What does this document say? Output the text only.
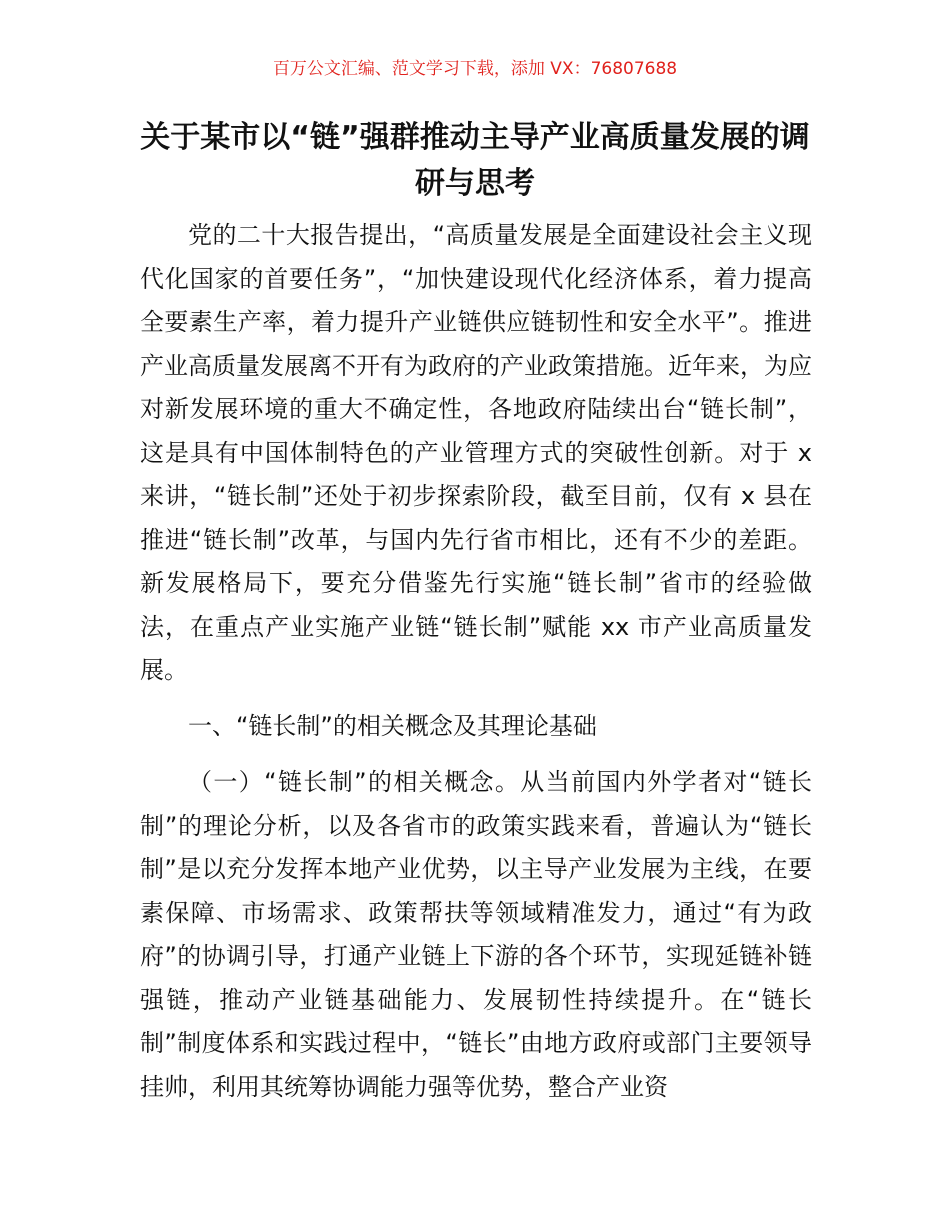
百万公文汇编、范文学习下载，添加 VX：76807688
关于某市以“链”强群推动主导产业高质量发展的调研与思考

党的二十大报告提出，“高质量发展是全面建设社会主义现代化国家的首要任务”，“加快建设现代化经济体系，着力提高全要素生产率，着力提升产业链供应链韧性和安全水平”。推进产业高质量发展离不开有为政府的产业政策措施。近年来，为应对新发展环境的重大不确定性，各地政府陆续出台“链长制”，这是具有中国体制特色的产业管理方式的突破性创新。对于 x 来讲，“链长制”还处于初步探索阶段，截至目前，仅有 x 县在推进“链长制”改革，与国内先行省市相比，还有不少的差距。新发展格局下，要充分借鉴先行实施“链长制”省市的经验做法，在重点产业实施产业链“链长制”赋能 xx 市产业高质量发展。

一、“链长制”的相关概念及其理论基础

（一）“链长制”的相关概念。从当前国内外学者对“链长制”的理论分析，以及各省市的政策实践来看，普遍认为“链长制”是以充分发挥本地产业优势，以主导产业发展为主线，在要素保障、市场需求、政策帮扶等领域精准发力，通过“有为政府”的协调引导，打通产业链上下游的各个环节，实现延链补链强链，推动产业链基础能力、发展韧性持续提升。在“链长制”制度体系和实践过程中，“链长”由地方政府或部门主要领导挂帅，利用其统筹协调能力强等优势，整合产业资
